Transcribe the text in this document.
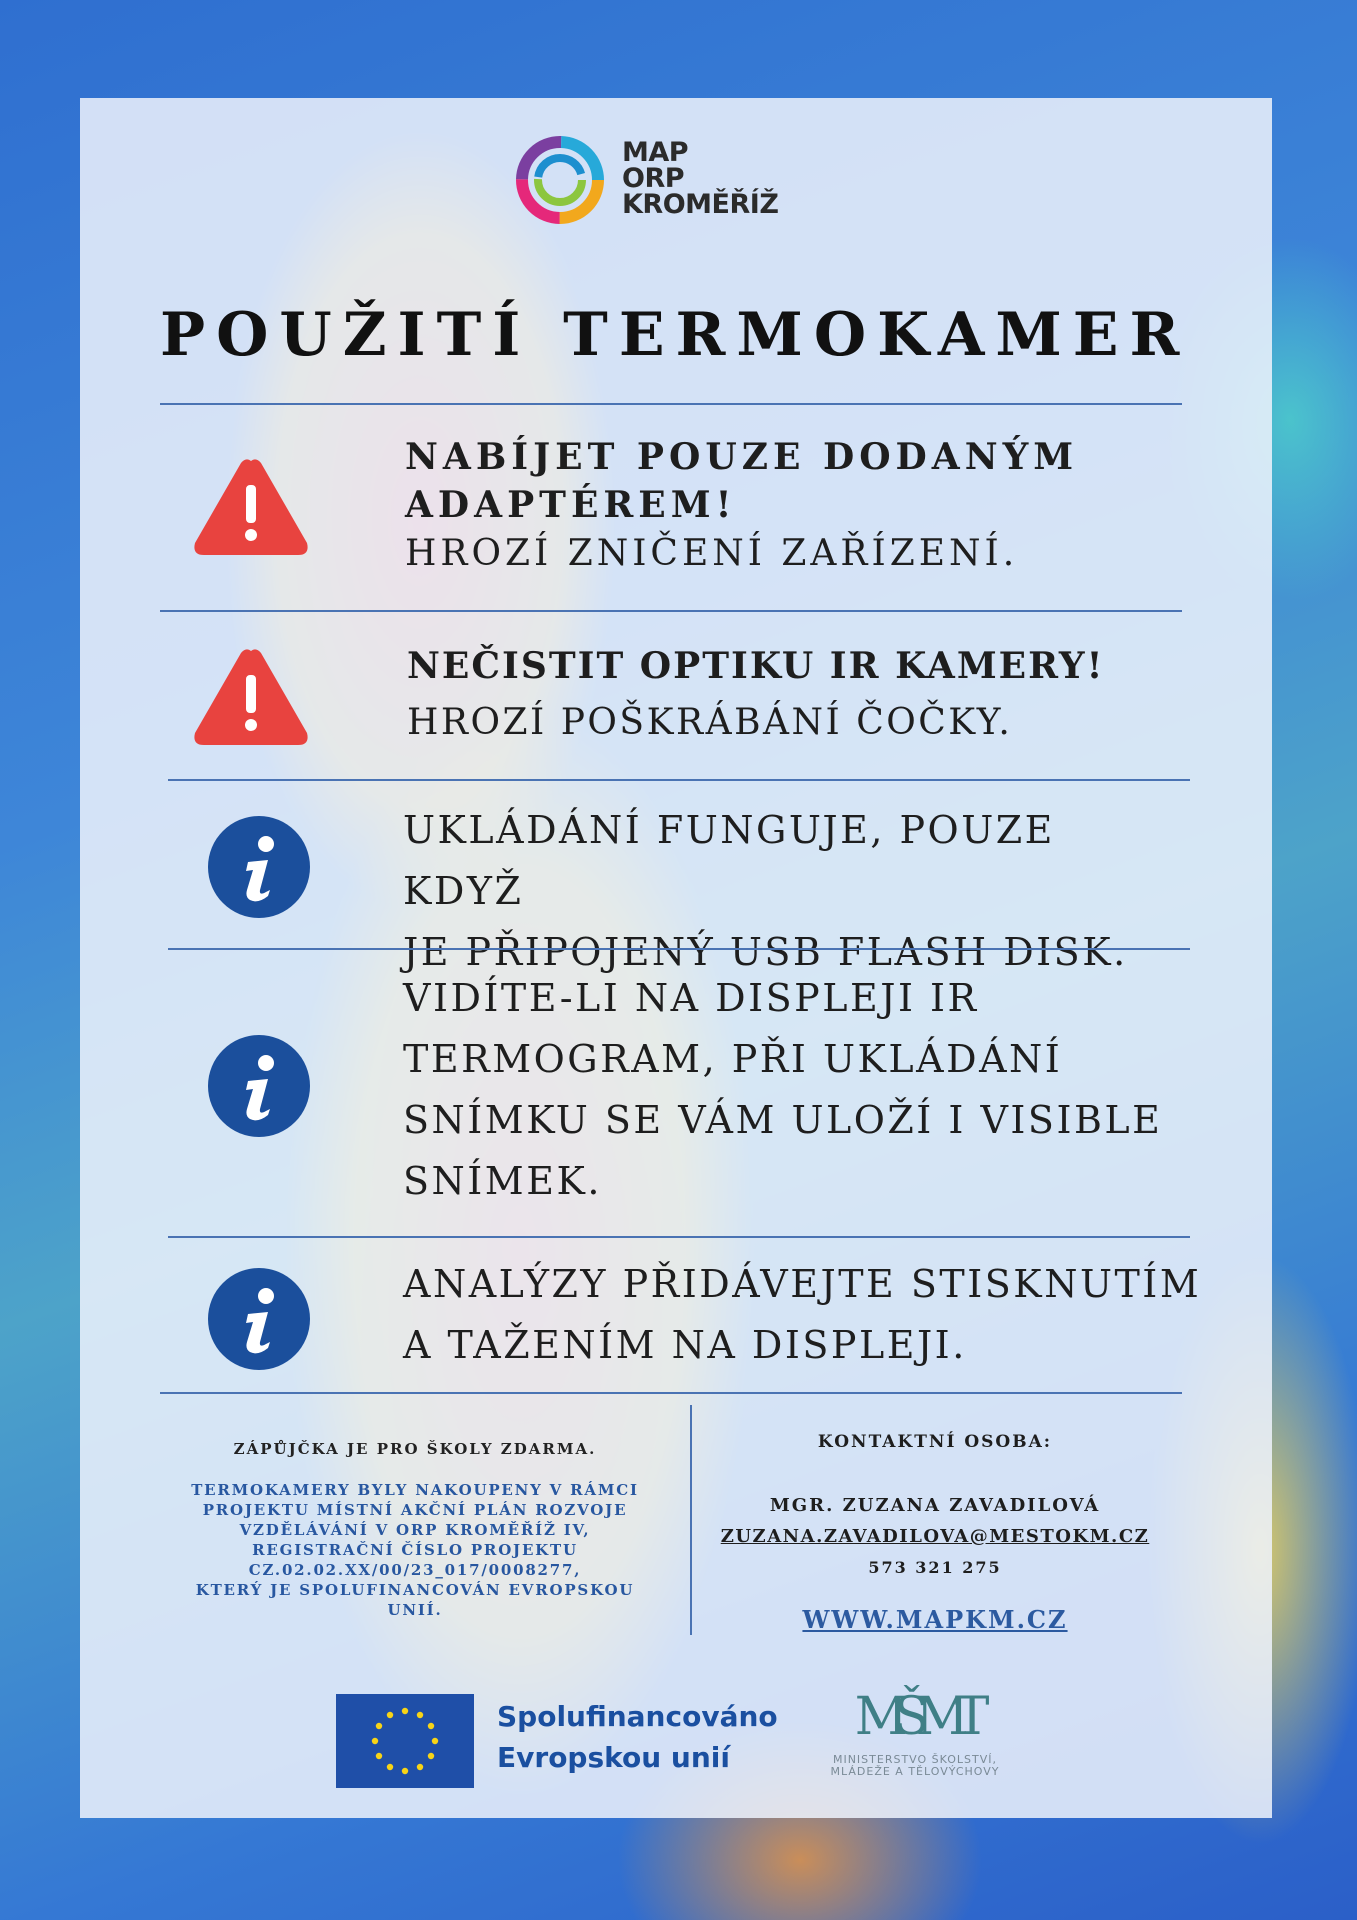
MAP
ORP
KROMĚŘÍŽ
POUŽITÍ TERMOKAMER
NABÍJET POUZE DODANÝM
ADAPTÉREM!
HROZÍ ZNIČENÍ ZAŘÍZENÍ.
NEČISTIT OPTIKU IR KAMERY!
HROZÍ POŠKRÁBÁNÍ ČOČKY.
UKLÁDÁNÍ FUNGUJE, POUZE KDYŽ
JE PŘIPOJENÝ USB FLASH DISK.
VIDÍTE-LI NA DISPLEJI IR
TERMOGRAM, PŘI UKLÁDÁNÍ
SNÍMKU SE VÁM ULOŽÍ I VISIBLE
SNÍMEK.
ANALÝZY PŘIDÁVEJTE STISKNUTÍM
A TAŽENÍM NA DISPLEJI.
ZÁPŮJČKA JE PRO ŠKOLY ZDARMA.
TERMOKAMERY BYLY NAKOUPENY V RÁMCI
PROJEKTU MÍSTNÍ AKČNÍ PLÁN ROZVOJE
VZDĚLÁVÁNÍ V ORP KROMĚŘÍŽ IV,
REGISTRAČNÍ ČÍSLO PROJEKTU
CZ.02.02.XX/00/23_017/0008277,
KTERÝ JE SPOLUFINANCOVÁN EVROPSKOU
UNIÍ.
KONTAKTNÍ OSOBA:
MGR. ZUZANA ZAVADILOVÁ
ZUZANA.ZAVADILOVA@MESTOKM.CZ
573 321 275
WWW.MAPKM.CZ
Spolufinancováno
Evropskou unií
MŠMT
MINISTERSTVO ŠKOLSTVÍ,
MLÁDEŽE A TĚLOVÝCHOVY
